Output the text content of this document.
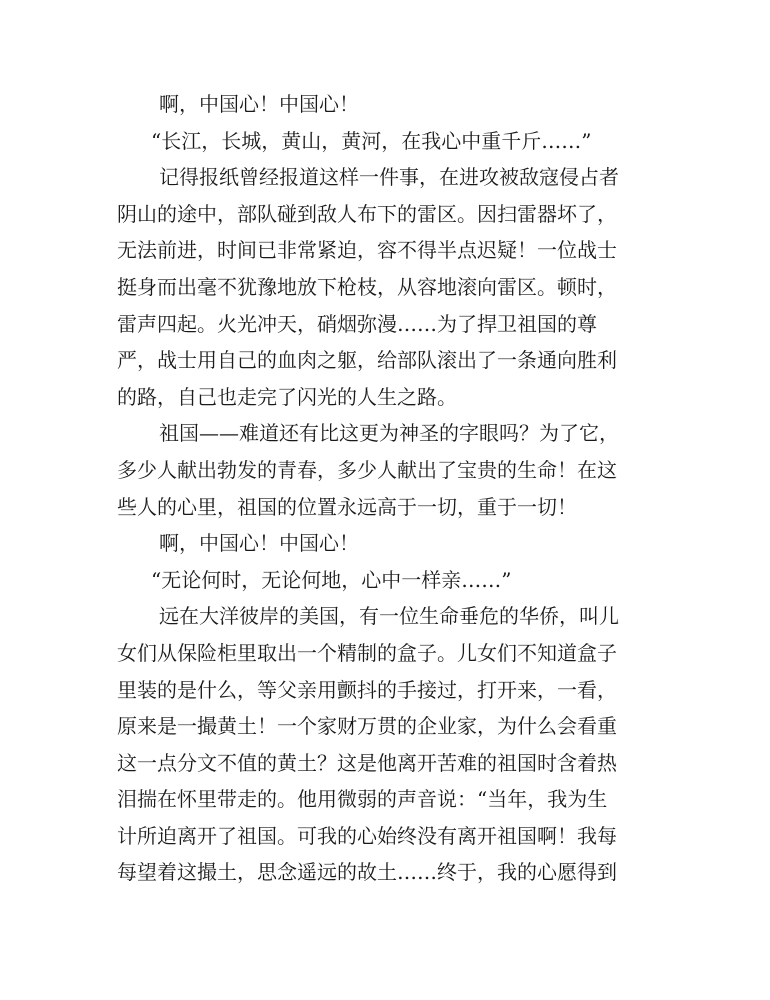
啊，中国心！中国心！
“长江，长城，黄山，黄河，在我心中重千斤……”
记得报纸曾经报道这样一件事，在进攻被敌寇侵占者
阴山的途中，部队碰到敌人布下的雷区。因扫雷器坏了，
无法前进，时间已非常紧迫，容不得半点迟疑！一位战士
挺身而出毫不犹豫地放下枪枝，从容地滚向雷区。顿时，
雷声四起。火光冲天，硝烟弥漫……为了捍卫祖国的尊
严，战士用自己的血肉之躯，给部队滚出了一条通向胜利
的路，自己也走完了闪光的人生之路。
祖国——难道还有比这更为神圣的字眼吗？为了它，
多少人献出勃发的青春，多少人献出了宝贵的生命！在这
些人的心里，祖国的位置永远高于一切，重于一切！
啊，中国心！中国心！
“无论何时，无论何地，心中一样亲……”
远在大洋彼岸的美国，有一位生命垂危的华侨，叫儿
女们从保险柜里取出一个精制的盒子。儿女们不知道盒子
里装的是什么，等父亲用颤抖的手接过，打开来，一看，
原来是一撮黄土！一个家财万贯的企业家，为什么会看重
这一点分文不值的黄土？这是他离开苦难的祖国时含着热
泪揣在怀里带走的。他用微弱的声音说：“当年，我为生
计所迫离开了祖国。可我的心始终没有离开祖国啊！我每
每望着这撮土，思念遥远的故土……终于，我的心愿得到
